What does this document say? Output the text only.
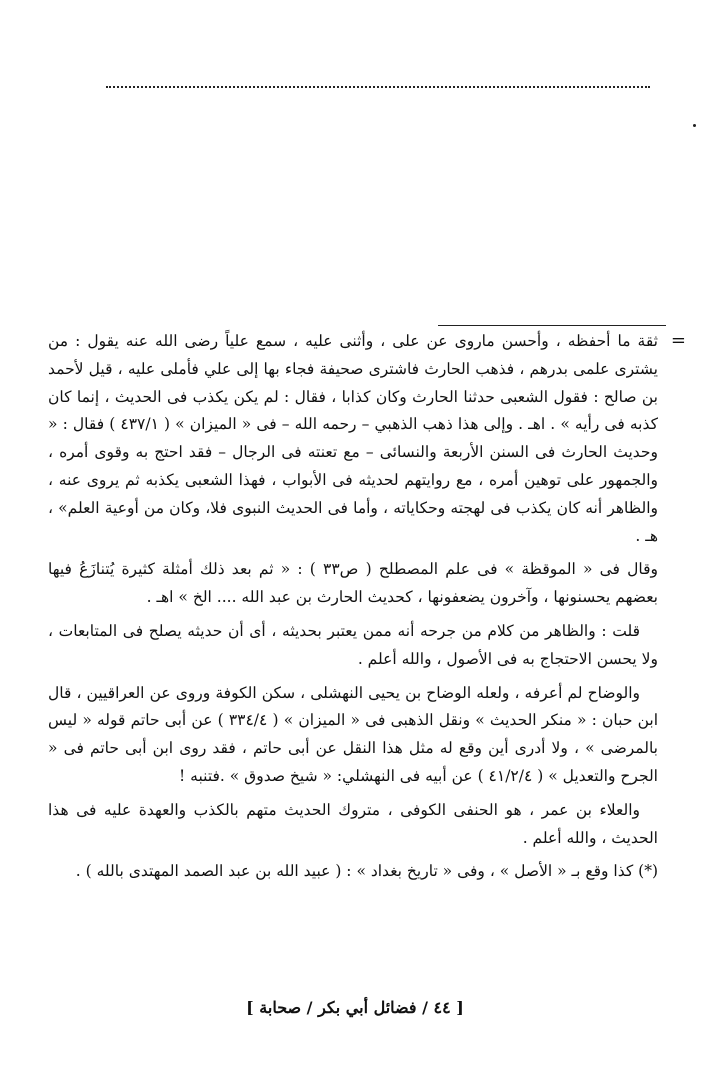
=

ثقة ما أحفظه ، وأحسن ماروى عن على ، وأثنى عليه ، سمع علياً رضى الله عنه يقول : من يشترى علمى بدرهم ، فذهب الحارث فاشترى صحيفة فجاء بها إلى علي فأملى عليه ، قيل لأحمد بن صالح : فقول الشعبى حدثنا الحارث وكان كذابا ، فقال : لم يكن يكذب فى الحديث ، إنما كان كذبه فى رأيه » . اهـ . وإلى هذا ذهب الذهبي – رحمه الله – فى « الميزان » ( ٤٣٧/١ ) فقال : « وحديث الحارث فى السنن الأربعة والنسائى – مع تعنته فى الرجال – فقد احتج به وقوى أمره ، والجمهور على توهين أمره ، مع روايتهم لحديثه فى الأبواب ، فهذا الشعبى يكذبه ثم يروى عنه ، والظاهر أنه كان يكذب فى لهجته وحكاياته ، وأما فى الحديث النبوى فلا، وكان من أوعية العلم» ، هـ .

وقال فى « الموقظة » فى علم المصطلح ( ص٣٣ ) : « ثم بعد ذلك أمثلة كثيرة يُتنازَعُ فيها بعضهم يحسنونها ، وآخرون يضعفونها ، كحديث الحارث بن عبد الله .... الخ » اهـ .

قلت : والظاهر من كلام من جرحه أنه ممن يعتبر بحديثه ، أى أن حديثه يصلح فى المتابعات ، ولا يحسن الاحتجاج به فى الأصول ، والله أعلم .

والوضاح لم أعرفه ، ولعله الوضاح بن يحيى النهشلى ، سكن الكوفة وروى عن العراقيين ، قال ابن حبان : « منكر الحديث » ونقل الذهبى فى « الميزان » ( ٣٣٤/٤ ) عن أبى حاتم قوله « ليس بالمرضى » ، ولا أدرى أين وقع له مثل هذا النقل عن أبى حاتم ، فقد روى ابن أبى حاتم فى « الجرح والتعديل » ( ٤١/٢/٤ ) عن أبيه فى النهشلي: « شيخ صدوق » .فتنبه !

والعلاء بن عمر ، هو الحنفى الكوفى ، متروك الحديث متهم بالكذب والعهدة عليه فى هذا الحديث ، والله أعلم .

(*) كذا وقع بـ « الأصل » ، وفى « تاريخ بغداد » : ( عبيد الله بن عبد الصمد المهتدى بالله ) .

[ ٤٤ / فضائل أبي بكر / صحابة ]
